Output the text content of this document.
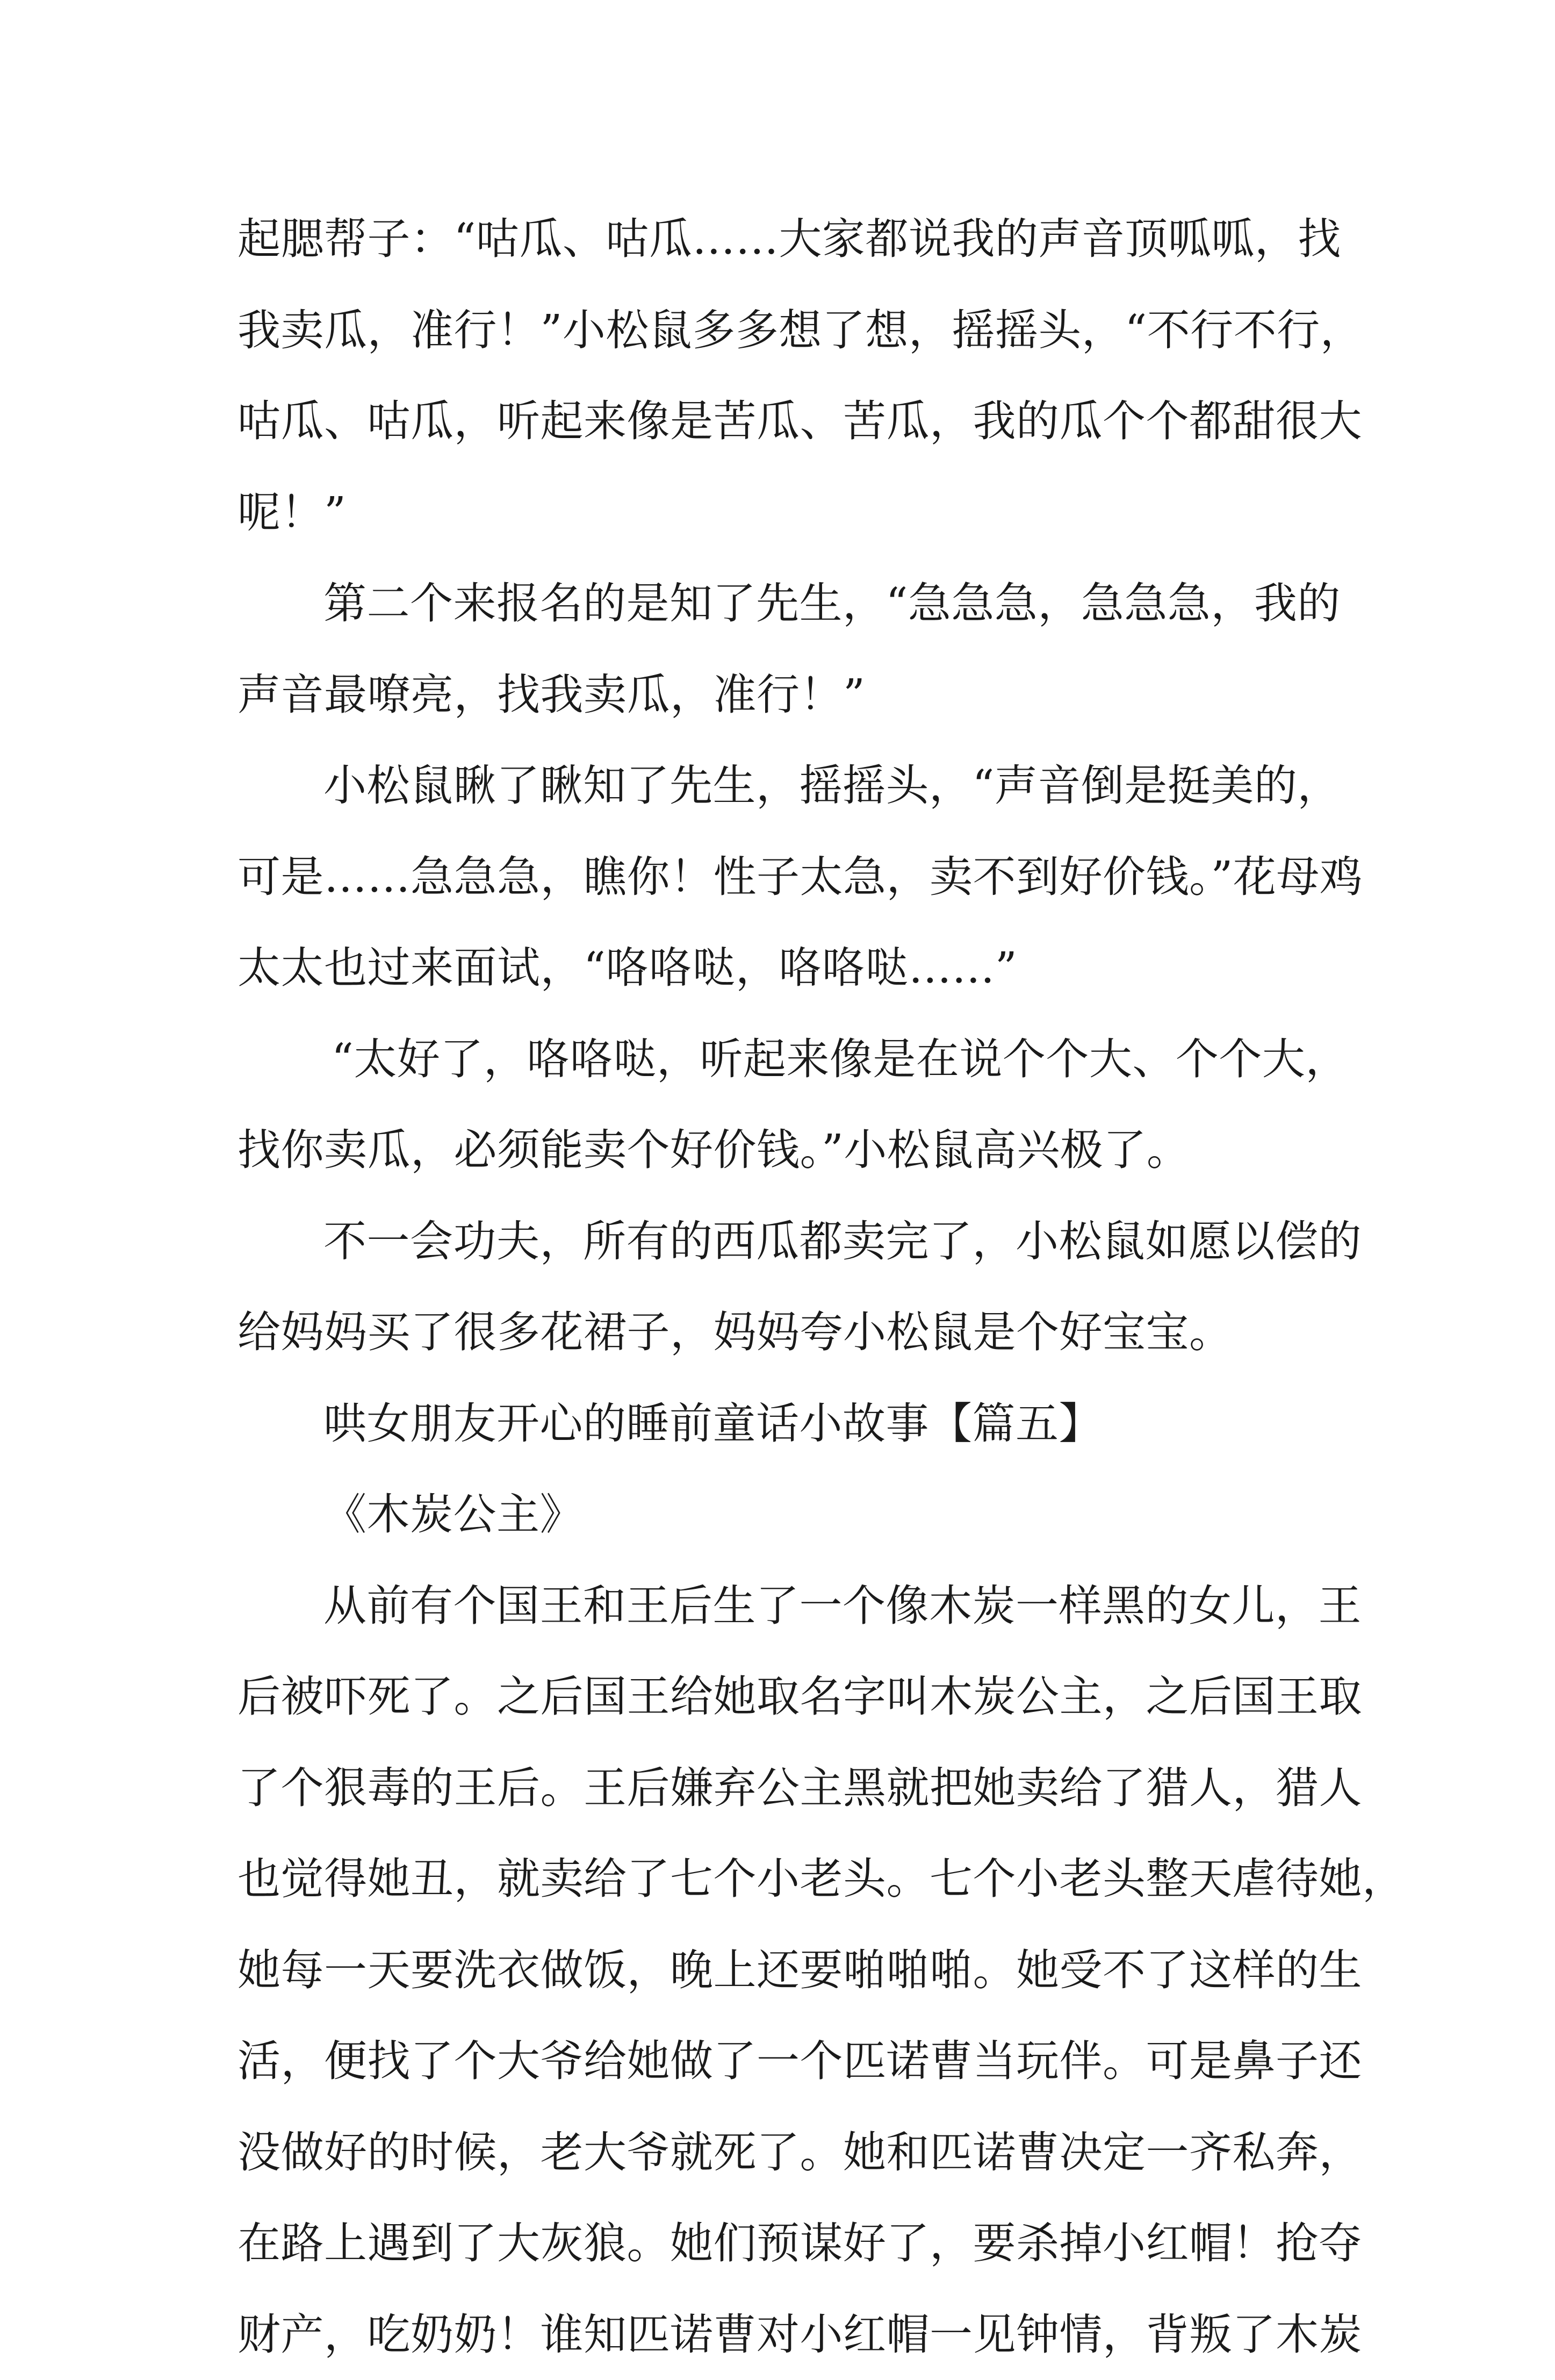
起腮帮子：“咕瓜、咕瓜……大家都说我的声音顶呱呱，找
我卖瓜，准行！”小松鼠多多想了想，摇摇头，“不行不行，
咕瓜、咕瓜，听起来像是苦瓜、苦瓜，我的瓜个个都甜很大
呢！”
第二个来报名的是知了先生，“急急急，急急急，我的
声音最嘹亮，找我卖瓜，准行！”
小松鼠瞅了瞅知了先生，摇摇头，“声音倒是挺美的，
可是……急急急，瞧你！性子太急，卖不到好价钱。”花母鸡
太太也过来面试，“咯咯哒，咯咯哒……”
“太好了，咯咯哒，听起来像是在说个个大、个个大，
找你卖瓜，必须能卖个好价钱。”小松鼠高兴极了。
不一会功夫，所有的西瓜都卖完了，小松鼠如愿以偿的
给妈妈买了很多花裙子，妈妈夸小松鼠是个好宝宝。
哄女朋友开心的睡前童话小故事【篇五】
《木炭公主》
从前有个国王和王后生了一个像木炭一样黑的女儿，王
后被吓死了。之后国王给她取名字叫木炭公主，之后国王取
了个狠毒的王后。王后嫌弃公主黑就把她卖给了猎人，猎人
也觉得她丑，就卖给了七个小老头。七个小老头整天虐待她，
她每一天要洗衣做饭，晚上还要啪啪啪。她受不了这样的生
活，便找了个大爷给她做了一个匹诺曹当玩伴。可是鼻子还
没做好的时候，老大爷就死了。她和匹诺曹决定一齐私奔，
在路上遇到了大灰狼。她们预谋好了，要杀掉小红帽！抢夺
财产，吃奶奶！谁知匹诺曹对小红帽一见钟情，背叛了木炭
